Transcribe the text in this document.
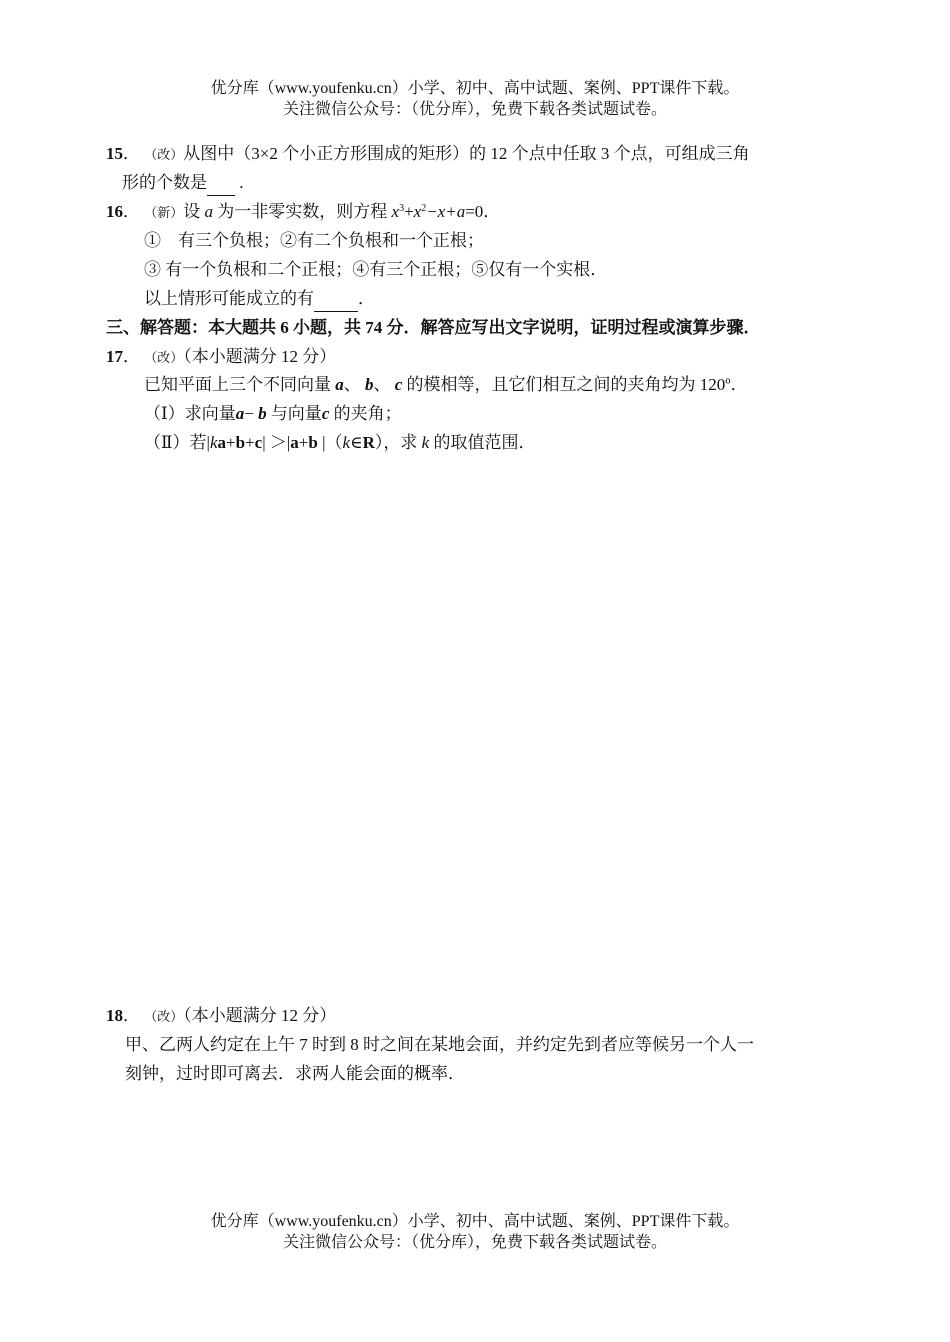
优分库（www.youfenku.cn）小学、初中、高中试题、案例、PPT课件下载。
关注微信公众号：（优分库），免费下载各类试题试卷。
15． （改）从图中（3×2 个小正方形围成的矩形）的 12 个点中任取 3 个点，可组成三角
形的个数是  .
16． （新）设 a 为一非零实数，则方程 $x^3+x^2-x+a=0$．
①　有三个负根；②有二个负根和一个正根；
③ 有一个负根和二个正根；④有三个正根；⑤仅有一个实根．
以上情形可能成立的有	．
三、解答题：本大题共 6 小题，共 74 分．解答应写出文字说明，证明过程或演算步骤．
17． （改）（本小题满分 12 分）
已知平面上三个不同向量 a、 b、 c 的模相等，且它们相互之间的夹角均为 120º．
（Ⅰ）求向量a− b 与向量c 的夹角；
（Ⅱ）若|ka+b+c| ＞|a+b |（k∈R），求 k 的取值范围．
18． （改）（本小题满分 12 分）
甲、乙两人约定在上午 7 时到 8 时之间在某地会面，并约定先到者应等候另一个人一
刻钟，过时即可离去．求两人能会面的概率．
优分库（www.youfenku.cn）小学、初中、高中试题、案例、PPT课件下载。
关注微信公众号：（优分库），免费下载各类试题试卷。
